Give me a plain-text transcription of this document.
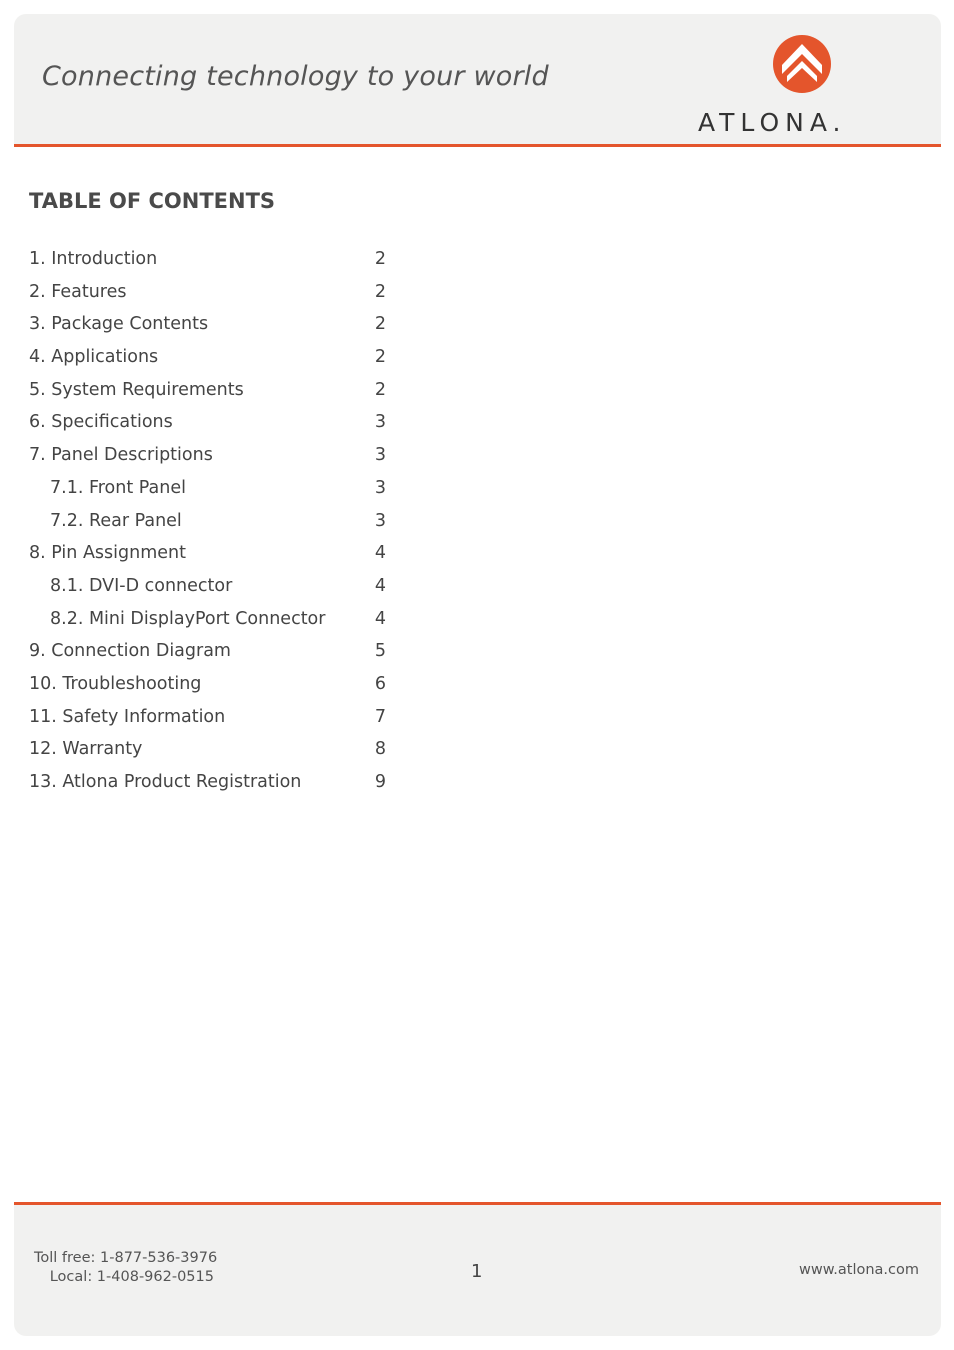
Connecting technology to your world
ATLONA.
TABLE OF CONTENTS
1. Introduction	2
2. Features	2
3. Package Contents	2
4. Applications	2
5. System Requirements	2
6. Specifications	3
7. Panel Descriptions	3
7.1. Front Panel	3
7.2. Rear Panel	3
8. Pin Assignment	4
8.1. DVI-D connector	4
8.2. Mini DisplayPort Connector	4
9. Connection Diagram	5
10. Troubleshooting	6
11. Safety Information	7
12. Warranty	8
13. Atlona Product Registration	9
Toll free: 1-877-536-3976
Local: 1-408-962-0515	1	www.atlona.com
